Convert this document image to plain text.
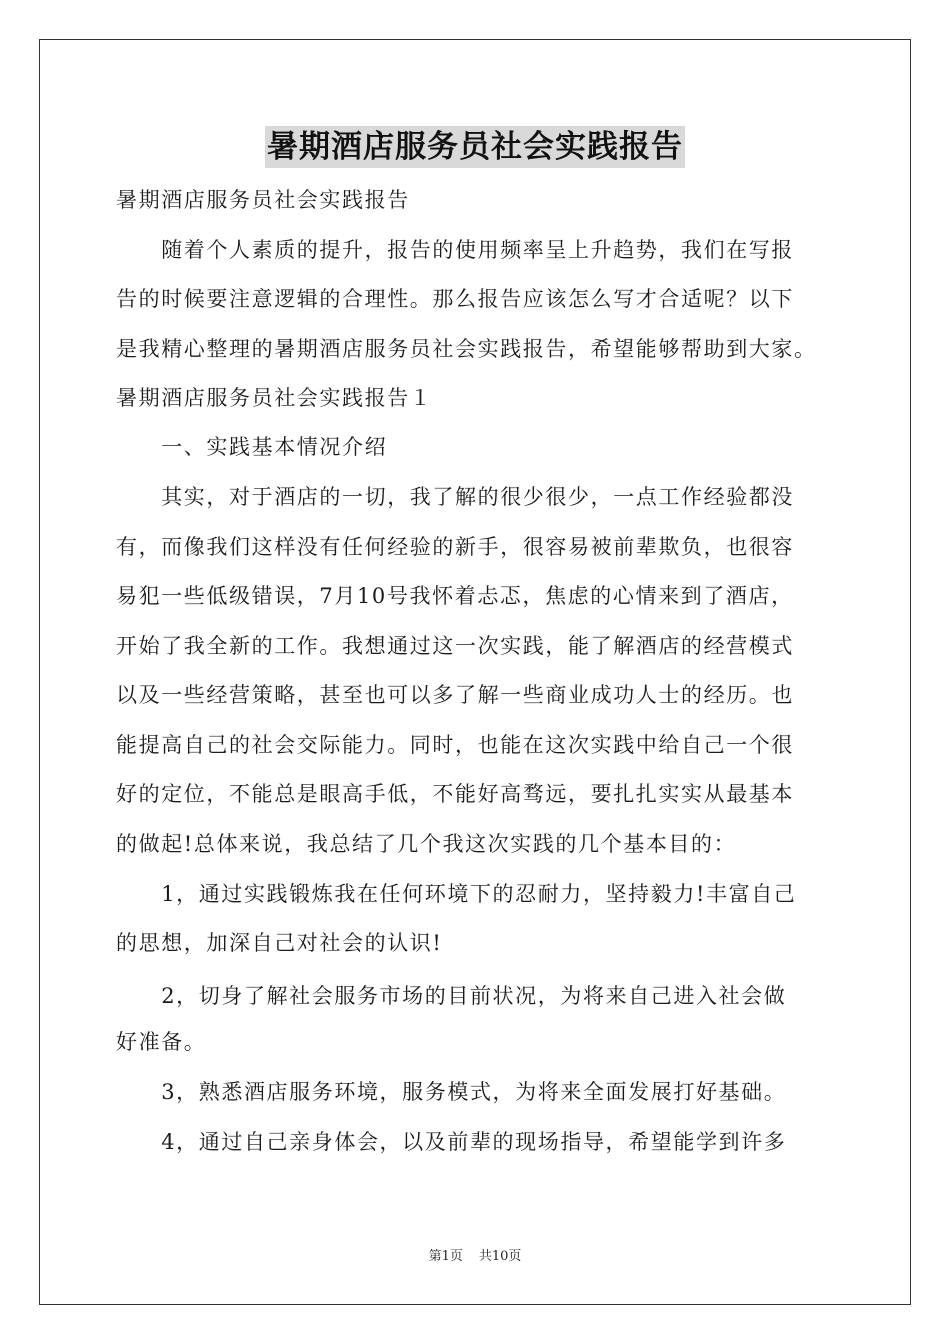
暑期酒店服务员社会实践报告
暑期酒店服务员社会实践报告
　　随着个人素质的提升，报告的使用频率呈上升趋势，我们在写报
告的时候要注意逻辑的合理性。那么报告应该怎么写才合适呢？以下
是我精心整理的暑期酒店服务员社会实践报告，希望能够帮助到大家。
暑期酒店服务员社会实践报告１
　　一、实践基本情况介绍
　　其实，对于酒店的一切，我了解的很少很少，一点工作经验都没
有，而像我们这样没有任何经验的新手，很容易被前辈欺负，也很容
易犯一些低级错误，7月10号我怀着忐忑，焦虑的心情来到了酒店，
开始了我全新的工作。我想通过这一次实践，能了解酒店的经营模式
以及一些经营策略，甚至也可以多了解一些商业成功人士的经历。也
能提高自己的社会交际能力。同时，也能在这次实践中给自己一个很
好的定位，不能总是眼高手低，不能好高骛远，要扎扎实实从最基本
的做起!总体来说，我总结了几个我这次实践的几个基本目的：
　　1，通过实践锻炼我在任何环境下的忍耐力，坚持毅力!丰富自己
的思想，加深自己对社会的认识!
　　2，切身了解社会服务市场的目前状况，为将来自己进入社会做
好准备。
　　3，熟悉酒店服务环境，服务模式，为将来全面发展打好基础。
　　4，通过自己亲身体会，以及前辈的现场指导，希望能学到许多
第1页 共10页
